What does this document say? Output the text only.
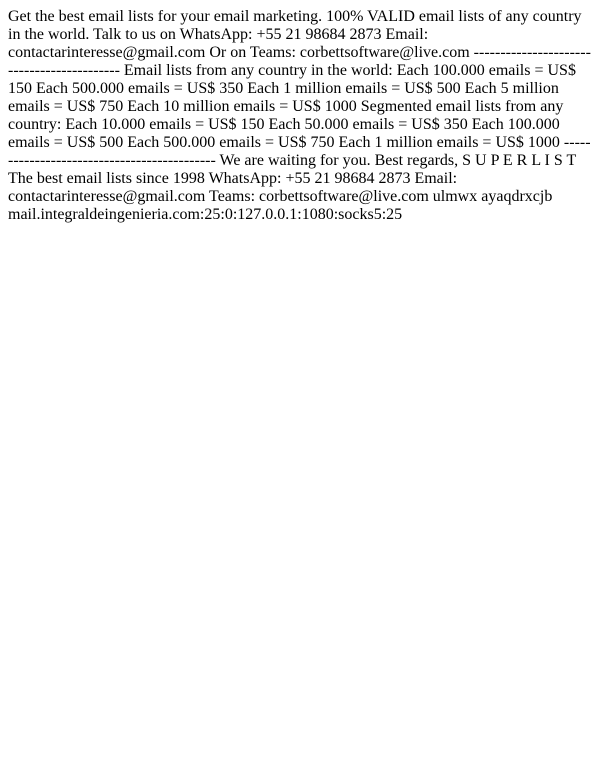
Get the best email lists for your email marketing. 100% VALID email lists of any country in the world. Talk to us on WhatsApp: +55 21 98684 2873 Email: contactarinteresse@gmail.com Or on Teams: corbettsoftware@live.com ------------------------------------------- Email lists from any country in the world: Each 100.000 emails = US$ 150 Each 500.000 emails = US$ 350 Each 1 million emails = US$ 500 Each 5 million emails = US$ 750 Each 10 million emails = US$ 1000 Segmented email lists from any country: Each 10.000 emails = US$ 150 Each 50.000 emails = US$ 350 Each 100.000 emails = US$ 500 Each 500.000 emails = US$ 750 Each 1 million emails = US$ 1000 -------------------------------------------- We are waiting for you. Best regards, S U P E R L I S T The best email lists since 1998 WhatsApp: +55 21 98684 2873 Email: contactarinteresse@gmail.com Teams: corbettsoftware@live.com ulmwx ayaqdrxcjb mail.integraldeingenieria.com:25:0:127.0.0.1:1080:socks5:25
